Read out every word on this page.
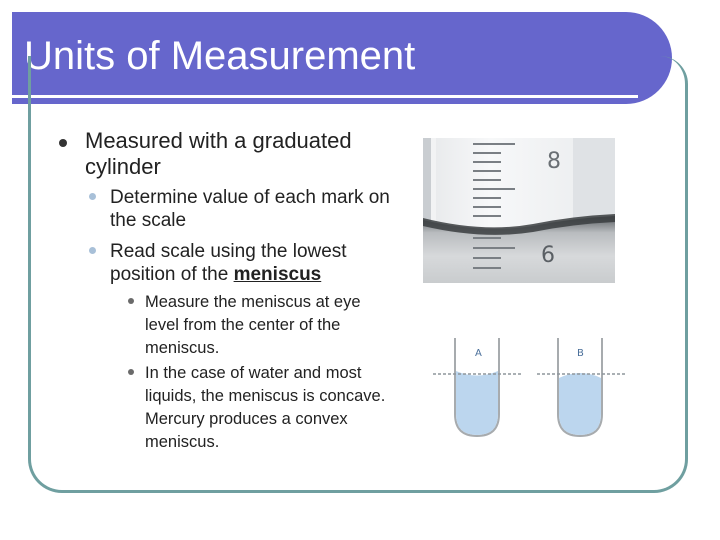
Units of Measurement
Measured with a graduated cylinder
Determine value of each mark on the scale
Read scale using the lowest position of the meniscus
Measure the meniscus at eye level from the center of the meniscus.
In the case of water and most liquids, the meniscus is concave. Mercury produces a convex meniscus.
8
6
A	B
